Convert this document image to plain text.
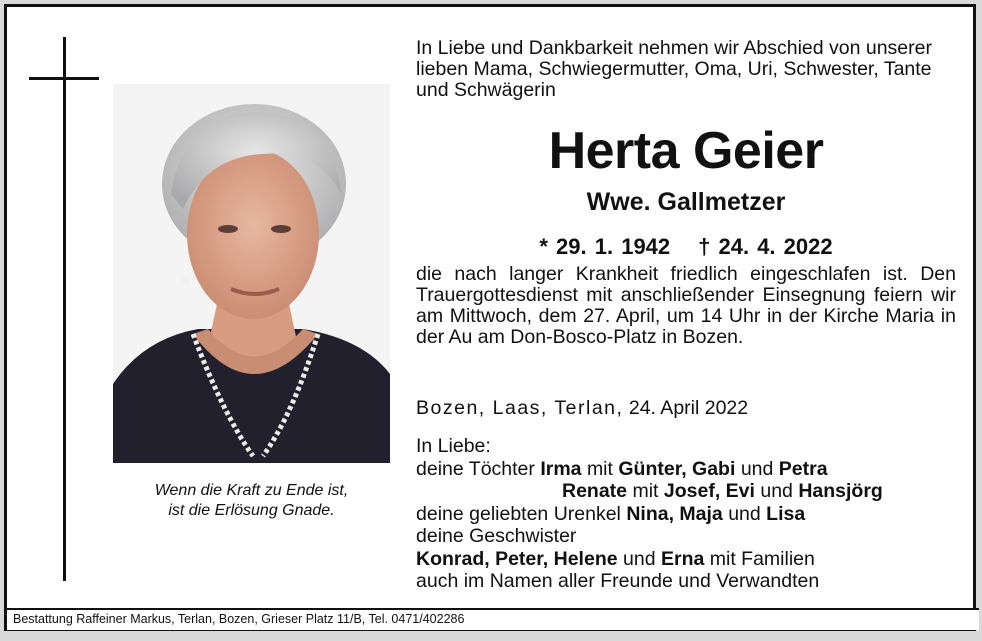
Wenn die Kraft zu Ende ist,
ist die Erlösung Gnade.
In Liebe und Dankbarkeit nehmen wir Abschied von unserer lieben Mama, Schwiegermutter, Oma, Uri, Schwester, Tante und Schwägerin
Herta Geier
Wwe. Gallmetzer
* 29. 1. 1942 † 24. 4. 2022

die nach langer Krankheit friedlich eingeschlafen ist. Den Trauergottesdienst mit anschließender Einsegnung feiern wir am Mittwoch, dem 27. April, um 14 Uhr in der Kirche Maria in der Au am Don-Bosco-Platz in Bozen.

Bozen, Laas, Terlan, 24. April 2022
In Liebe:
deine Töchter Irma mit Günter, Gabi und Petra
Renate mit Josef, Evi und Hansjörg
deine geliebten Urenkel Nina, Maja und Lisa
deine Geschwister
Konrad, Peter, Helene und Erna mit Familien
auch im Namen aller Freunde und Verwandten
Bestattung Raffeiner Markus, Terlan, Bozen, Grieser Platz 11/B, Tel. 0471/402286
